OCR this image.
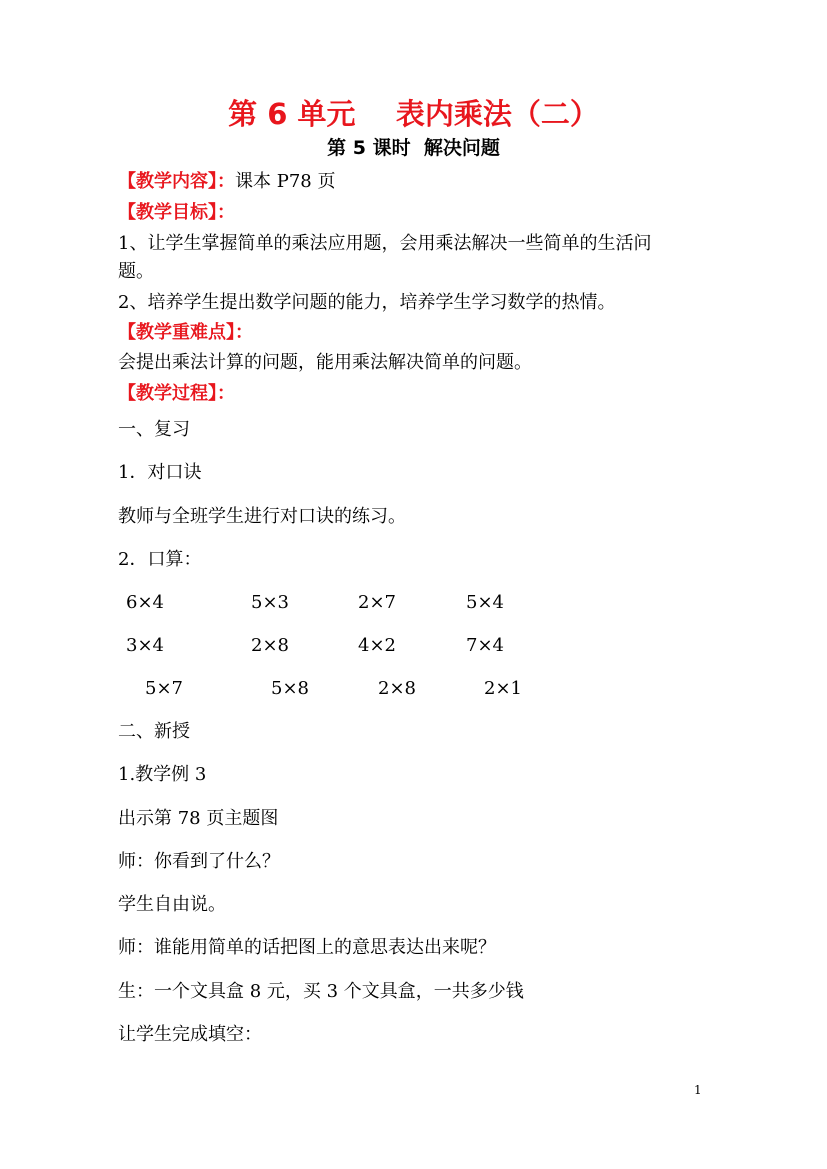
第 6 单元    表内乘法（二）
第 5 课时  解决问题
【教学内容】：课本 P78 页
【教学目标】：
1、让学生掌握简单的乘法应用题，会用乘法解决一些简单的生活问
题。
2、培养学生提出数学问题的能力，培养学生学习数学的热情。
【教学重难点】：
会提出乘法计算的问题，能用乘法解决简单的问题。
【教学过程】：
一、复习
1．对口诀
教师与全班学生进行对口诀的练习。
2．口算：
6×4	5×3	2×7	5×4
3×4	2×8	4×2	7×4
5×7	5×8	2×8	2×1
二、新授
1.教学例 3
出示第 78 页主题图
师：你看到了什么？
学生自由说。
师：谁能用简单的话把图上的意思表达出来呢？
生：一个文具盒 8 元，买 3 个文具盒，一共多少钱
让学生完成填空：
1
